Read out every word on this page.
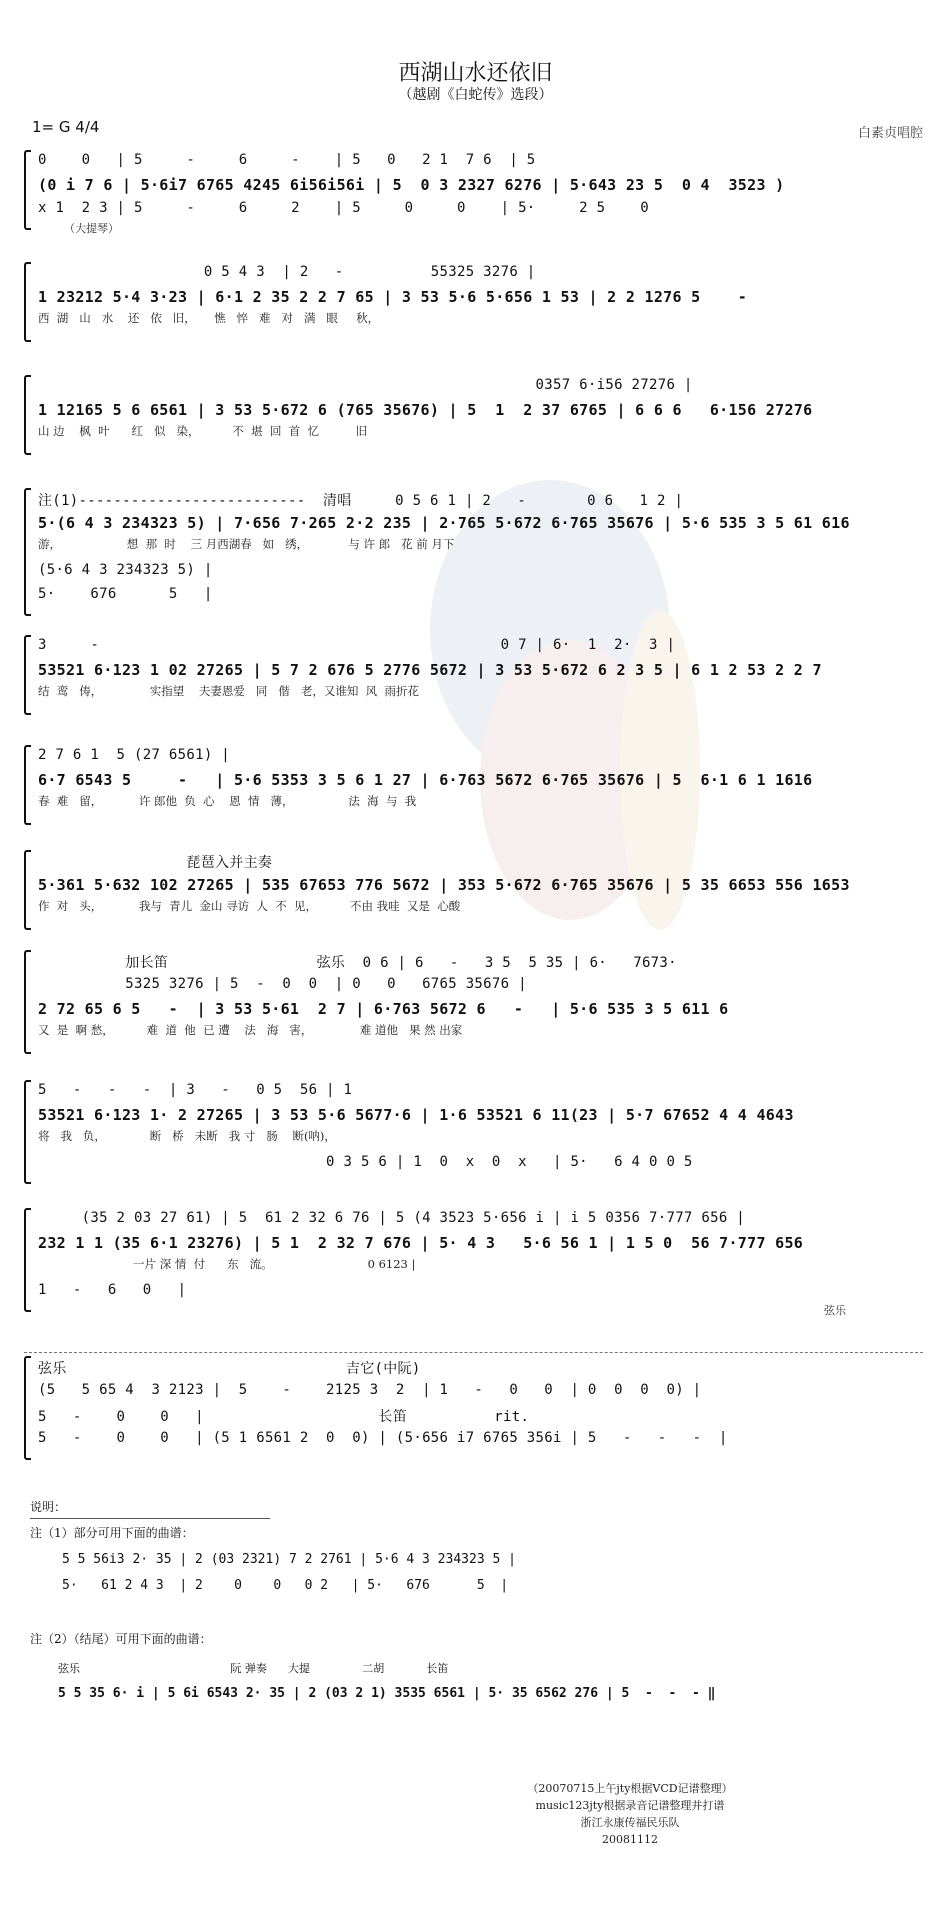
西湖山水还依旧
（越剧《白蛇传》选段）
1= G 4/4	白素贞唱腔
0    0   | 5     -     6     -    | 5   0   2 1  7 6  | 5
(0 i 7 6 | 5·6i7 6765 4245 6i56i56i | 5  0 3 2327 6276 | 5·643 23 5  0 4  3523 )
x 1  2 3 | 5     -     6     2    | 5     0     0    | 5·     2 5    0
（大提琴）
0 5 4 3  | 2   -          55325 3276 |
1 23212 5·4 3·23 | 6·1 2 35 2 2 7 65 | 3 53 5·6 5·656 1 53 | 2 2 1276 5    -
西  湖   山   水    还   依   旧，     憔   悴   难   对   满   眼     秋，
0357 6·i56 27276 |
1 12165 5 6 6561 | 3 53 5·672 6 (765 35676) | 5  1  2 37 6765 | 6 6 6   6·156 27276
山 边    枫  叶      红   似   染，         不  堪  回  首  忆          旧
注(1)--------------------------  清唱     0 5 6 1 | 2   -       0 6   1 2 |
5·(6 4 3 234323 5) | 7·656 7·265 2·2 235 | 2·765 5·672 6·765 35676 | 5·6 535 3 5 61 616
游，                  想  那  时    三 月西湖春   如   绣，           与 许 郎   花 前 月下
(5·6 4 3 234323 5) |
5·    676      5   |
3     -                                              0 7 | 6·  1  2·  3 |
53521 6·123 1 02 27265 | 5 7 2 676 5 2776 5672 | 3 53 5·672 6 2 3 5 | 6 1 2 53 2 2 7
结  鸾   俦，             实指望    夫妻恩爱   同   偕   老，又谁知  风  雨折花
2 7 6 1  5 (27 6561) |
6·7 6543 5     -   | 5·6 5353 3 5 6 1 27 | 6·763 5672 6·765 35676 | 5  6·1 6 1 1616
春  难   留，          许 郎他  负  心    恩  情   薄，               法  海  与  我
琵琶入并主奏
5·361 5·632 102 27265 | 535 67653 776 5672 | 353 5·672 6·765 35676 | 5 35 6653 556 1653
作  对   头，          我与  青儿  金山 寻访  人  不  见，         不由 我哇  又是  心酸
加长笛                 弦乐  0 6 | 6   -   3 5  5 35 | 6·   7673·
5325 3276 | 5  -  0  0  | 0   0   6765 35676 |
2 72 65 6 5   -  | 3 53 5·61  2 7 | 6·763 5672 6   -   | 5·6 535 3 5 611 6
又  是  啊 愁，         难  道  他  已 遭    法   海   害，             难 道他   果 然 出家
5   -   -   -  | 3   -   0 5  56 | 1
53521 6·123 1· 2 27265 | 3 53 5·6 5677·6 | 1·6 53521 6 11(23 | 5·7 67652 4 4 4643
将   我   负，            断   桥   未断   我 寸   肠    断(呐)，
0 3 5 6 | 1  0  x  0  x   | 5·   6 4 0 0 5
(35 2 03 27 61) | 5  61 2 32 6 76 | 5 (4 3523 5·656 i | i 5 0356 7·777 656 |
232 1 1 (35 6·1 23276) | 5 1  2 32 7 676 | 5· 4 3   5·6 56 1 | 1 5 0  56 7·777 656
一片 深 情  付      东   流。                          0 6123 |
1   -   6   0   |
弦乐
弦乐                                吉它(中阮)
(5   5 65 4  3 2123 |  5    -    2125 3  2  | 1   -   0   0  | 0  0  0  0) |
5   -    0    0   |                    长笛          rit.
5   -    0    0   | (5 1 6561 2  0  0) | (5·656 i7 6765 356i | 5   -   -   -  |
说明：
注（1）部分可用下面的曲谱：
5 5 56i3 2· 35 | 2 (03 2321) 7 2 2761 | 5·6 4 3 234323 5 |
5·   61 2 4 3  | 2    0    0   0 2   | 5·   676      5  |
注（2）（结尾）可用下面的曲谱：
弦乐                                           阮 弹奏      大提               二胡            长笛
5 5 35 6· i | 5 6i 6543 2· 35 | 2 (03 2 1) 3535 6561 | 5· 35 6562 276 | 5  -  -  - ‖
（20070715上午jty根据VCD记谱整理）
music123jty根据录音记谱整理并打谱
浙江永康传福民乐队
20081112
